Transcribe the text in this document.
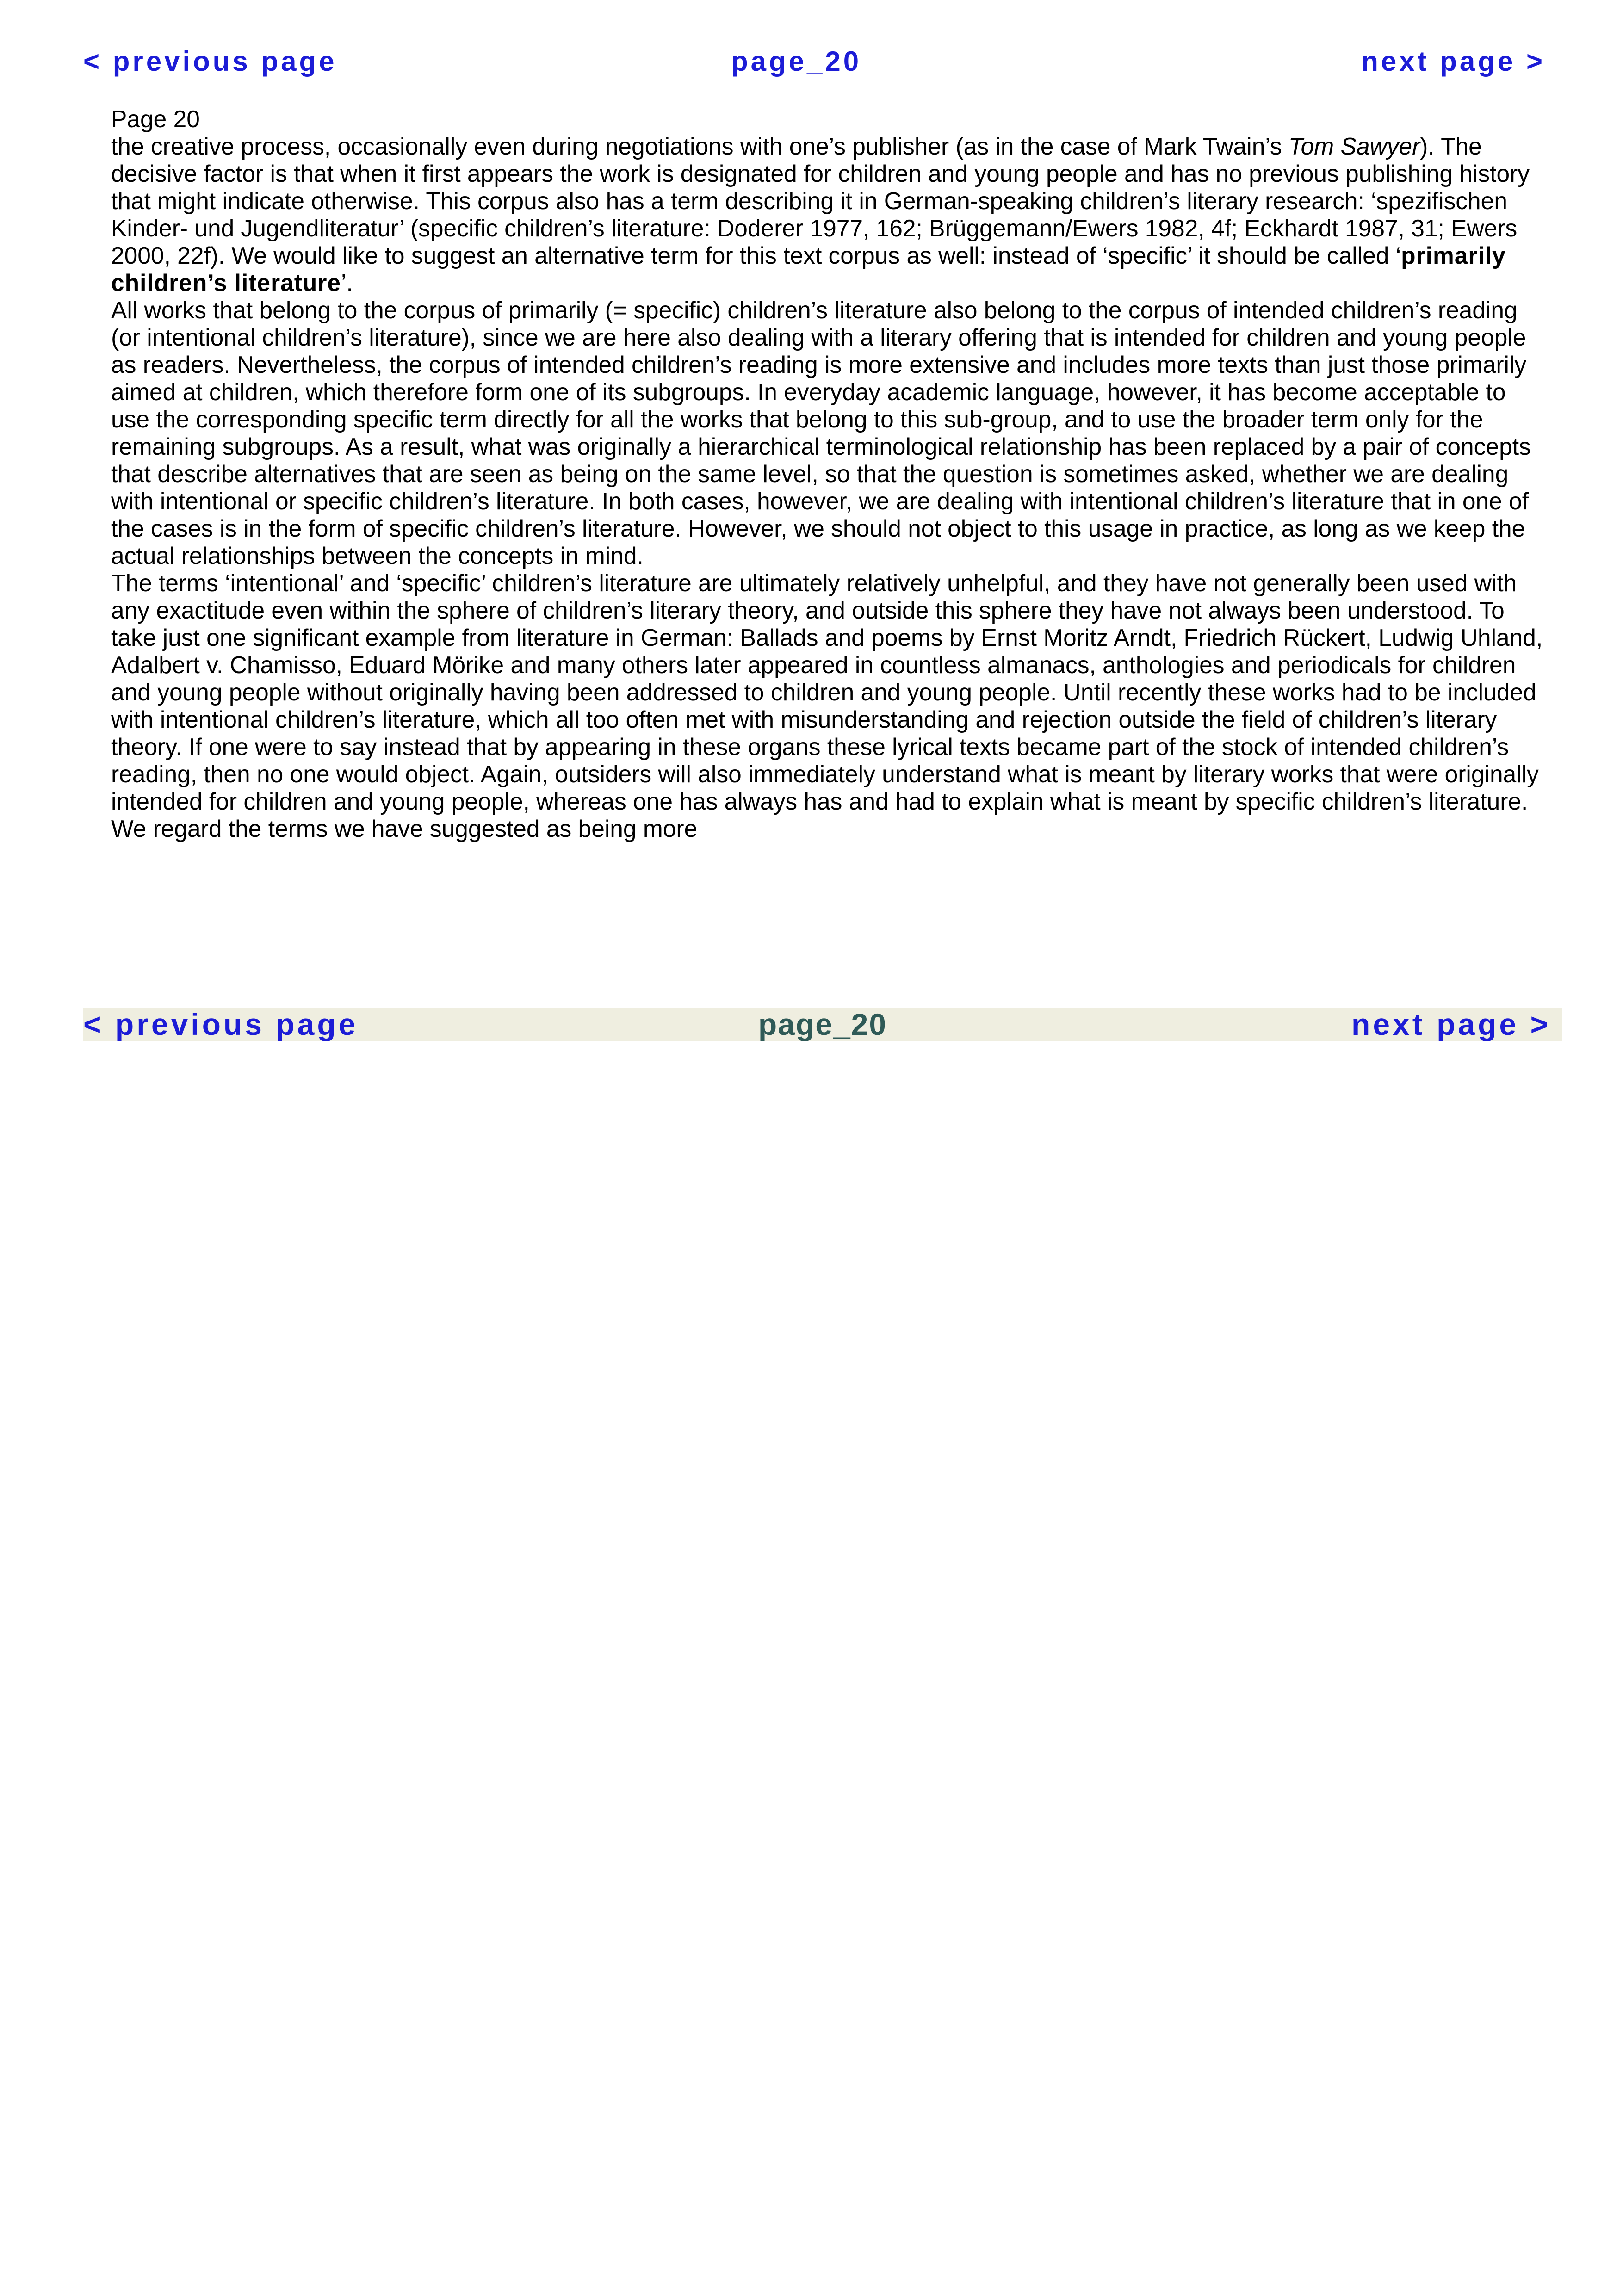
< previous page	page_20	next page >

Page 20

the creative process, occasionally even during negotiations with one’s publisher (as in the case of Mark Twain’s Tom Sawyer). The decisive factor is that when it first appears the work is designated for children and young people and has no previous publishing history that might indicate otherwise. This corpus also has a term describing it in German-speaking children’s literary research: ‘spezifischen Kinder- und Jugendliteratur’ (specific children’s literature: Doderer 1977, 162; Brüggemann/Ewers 1982, 4f; Eckhardt 1987, 31; Ewers 2000, 22f). We would like to suggest an alternative term for this text corpus as well: instead of ‘specific’ it should be called ‘primarily children’s literature’.

All works that belong to the corpus of primarily (= specific) children’s literature also belong to the corpus of intended children’s reading (or intentional children’s literature), since we are here also dealing with a literary offering that is intended for children and young people as readers. Nevertheless, the corpus of intended children’s reading is more extensive and includes more texts than just those primarily aimed at children, which therefore form one of its subgroups. In everyday academic language, however, it has become acceptable to use the corresponding specific term directly for all the works that belong to this sub-group, and to use the broader term only for the remaining subgroups. As a result, what was originally a hierarchical terminological relationship has been replaced by a pair of concepts that describe alternatives that are seen as being on the same level, so that the question is sometimes asked, whether we are dealing with intentional or specific children’s literature. In both cases, however, we are dealing with intentional children’s literature that in one of the cases is in the form of specific children’s literature. However, we should not object to this usage in practice, as long as we keep the actual relationships between the concepts in mind.

The terms ‘intentional’ and ‘specific’ children’s literature are ultimately relatively unhelpful, and they have not generally been used with any exactitude even within the sphere of children’s literary theory, and outside this sphere they have not always been understood. To take just one significant example from literature in German: Ballads and poems by Ernst Moritz Arndt, Friedrich Rückert, Ludwig Uhland, Adalbert v. Chamisso, Eduard Mörike and many others later appeared in countless almanacs, anthologies and periodicals for children and young people without originally having been addressed to children and young people. Until recently these works had to be included with intentional children’s literature, which all too often met with misunderstanding and rejection outside the field of children’s literary theory. If one were to say instead that by appearing in these organs these lyrical texts became part of the stock of intended children’s reading, then no one would object. Again, outsiders will also immediately understand what is meant by literary works that were originally intended for children and young people, whereas one has always has and had to explain what is meant by specific children’s literature. We regard the terms we have suggested as being more

< previous page	page_20	next page >
